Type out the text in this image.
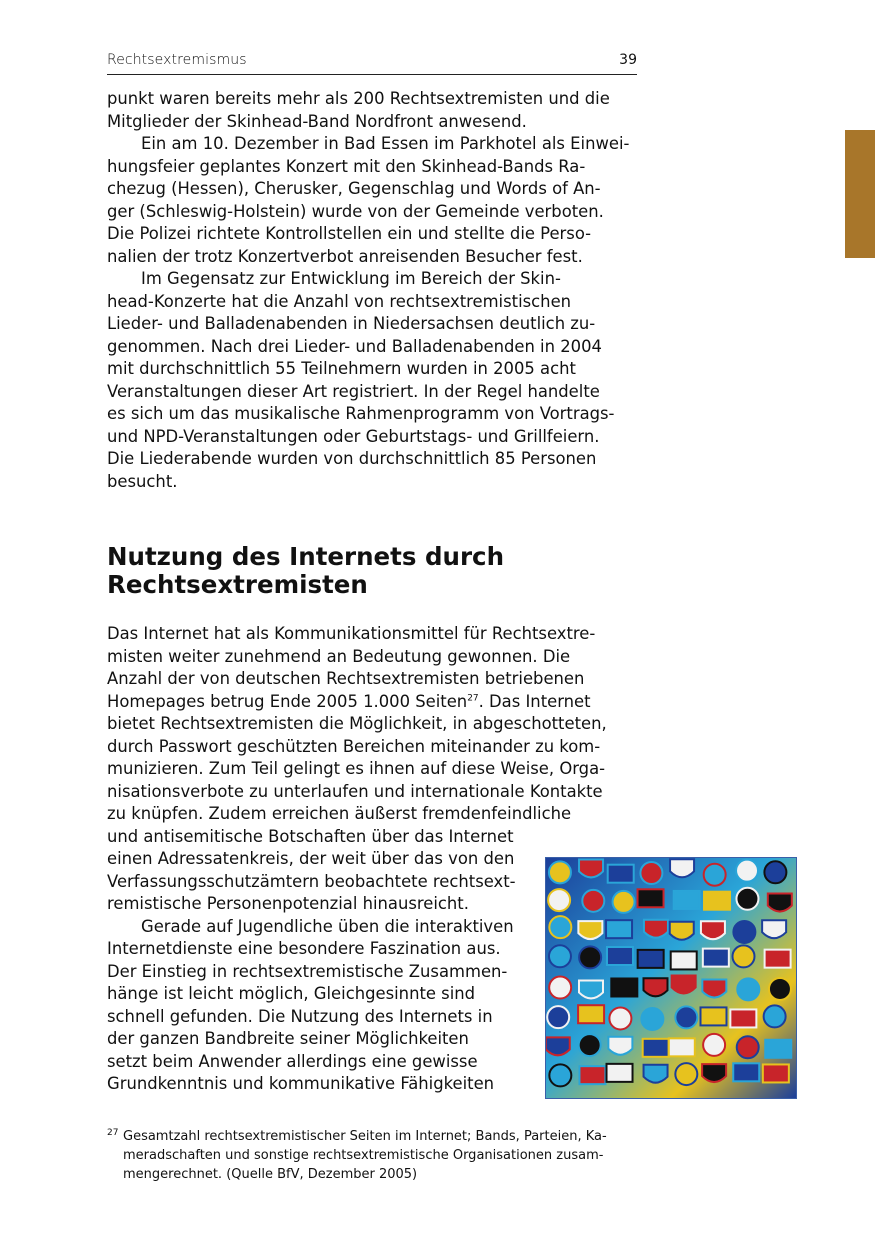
Rechtsextremismus	39
punkt waren bereits mehr als 200 Rechtsextremisten und die
Mitglieder der Skinhead-Band Nordfront anwesend.
Ein am 10. Dezember in Bad Essen im Parkhotel als Einwei-
hungsfeier geplantes Konzert mit den Skinhead-Bands Ra-
chezug (Hessen), Cherusker, Gegenschlag und Words of An-
ger (Schleswig-Holstein) wurde von der Gemeinde verboten.
Die Polizei richtete Kontrollstellen ein und stellte die Perso-
nalien der trotz Konzertverbot anreisenden Besucher fest.
Im Gegensatz zur Entwicklung im Bereich der Skin-
head-Konzerte hat die Anzahl von rechtsextremistischen
Lieder- und Balladenabenden in Niedersachsen deutlich zu-
genommen. Nach drei Lieder- und Balladenabenden in 2004
mit durchschnittlich 55 Teilnehmern wurden in 2005 acht
Veranstaltungen dieser Art registriert. In der Regel handelte
es sich um das musikalische Rahmenprogramm von Vortrags-
und NPD-Veranstaltungen oder Geburtstags- und Grillfeiern.
Die Liederabende wurden von durchschnittlich 85 Personen
besucht.
Nutzung des Internets durch
Rechtsextremisten
Das Internet hat als Kommunikationsmittel für Rechtsextre-
misten weiter zunehmend an Bedeutung gewonnen. Die
Anzahl der von deutschen Rechtsextremisten betriebenen
Homepages betrug Ende 2005 1.000 Seiten$^{27}$. Das Internet
bietet Rechtsextremisten die Möglichkeit, in abgeschotteten,
durch Passwort geschützten Bereichen miteinander zu kom-
munizieren. Zum Teil gelingt es ihnen auf diese Weise, Orga-
nisationsverbote zu unterlaufen und internationale Kontakte
zu knüpfen. Zudem erreichen äußerst fremdenfeindliche
und antisemitische Botschaften über das Internet
einen Adressatenkreis, der weit über das von den
Verfassungsschutzämtern beobachtete rechtsext-
remistische Personenpotenzial hinausreicht.
Gerade auf Jugendliche üben die interaktiven
Internetdienste eine besondere Faszination aus.
Der Einstieg in rechtsextremistische Zusammen-
hänge ist leicht möglich, Gleichgesinnte sind
schnell gefunden. Die Nutzung des Internets in
der ganzen Bandbreite seiner Möglichkeiten
setzt beim Anwender allerdings eine gewisse
Grundkenntnis und kommunikative Fähigkeiten
27 Gesamtzahl rechtsextremistischer Seiten im Internet; Bands, Parteien, Ka-
meradschaften und sonstige rechtsextremistische Organisationen zusam-
mengerechnet. (Quelle BfV, Dezember 2005)
